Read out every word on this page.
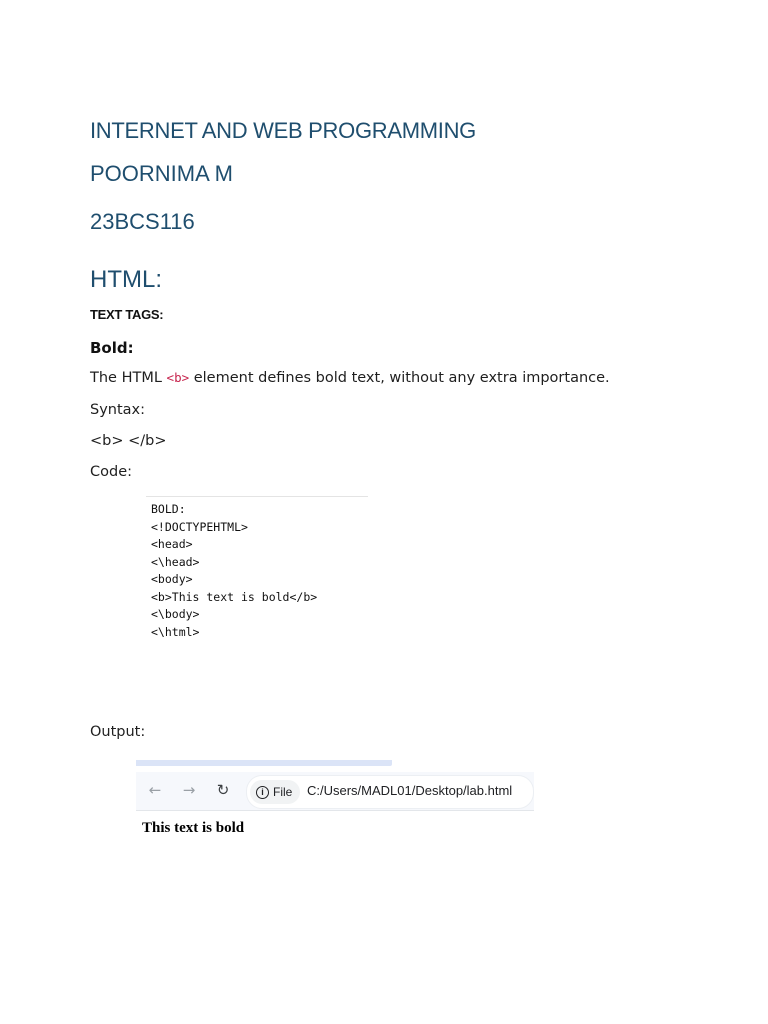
INTERNET AND WEB PROGRAMMING
POORNIMA M
23BCS116
HTML:
TEXT TAGS:
Bold:
The HTML <b> element defines bold text, without any extra importance.
Syntax:
<b> </b>
Code:
BOLD:
<!DOCTYPEHTML>
<head>
<\head>
<body>
<b>This text is bold</b>
<\body>
<\html>
Output:
←	→	↻	i File C:/Users/MADL01/Desktop/lab.html
This text is bold
